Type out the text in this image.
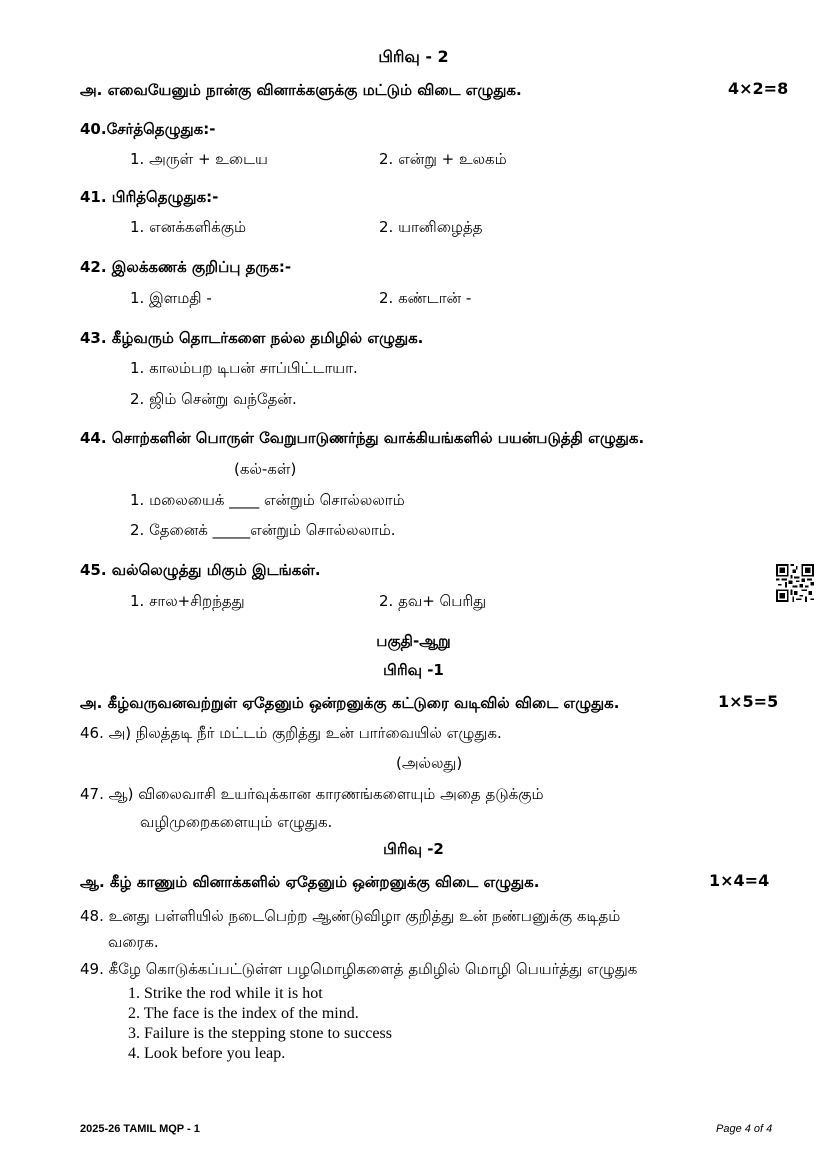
பிரிவு - 2
அ. எவையேனும் நான்கு வினாக்களுக்கு மட்டும் விடை எழுதுக.	4×2=8
40.சேர்த்தெழுதுக:-
1. அருள் + உடைய	2. என்று + உலகம்
41. பிரித்தெழுதுக:-
1. எனக்களிக்கும்	2. யானிழைத்த
42. இலக்கணக் குறிப்பு தருக:-
1. இளமதி -	2. கண்டான் -
43. கீழ்வரும் தொடர்களை நல்ல தமிழில் எழுதுக.
1. காலம்பற டிபன் சாப்பிட்டாயா.
2. ஜிம் சென்று வந்தேன்.
44. சொற்களின் பொருள் வேறுபாடுணர்ந்து வாக்கியங்களில் பயன்படுத்தி எழுதுக.
(கல்-கள்)
1. மலையைக் ____ என்றும் சொல்லலாம்
2. தேனைக் _____என்றும் சொல்லலாம்.
45. வல்லெழுத்து மிகும் இடங்கள்.
1. சால+சிறந்தது	2. தவ+ பெரிது
பகுதி-ஆறு
பிரிவு -1
அ. கீழ்வருவனவற்றுள் ஏதேனும் ஒன்றனுக்கு கட்டுரை வடிவில் விடை எழுதுக.	1×5=5
46. அ) நிலத்தடி நீர் மட்டம் குறித்து உன் பார்வையில் எழுதுக.
(அல்லது)
47. ஆ) விலைவாசி உயர்வுக்கான காரணங்களையும் அதை தடுக்கும்
வழிமுறைகளையும் எழுதுக.
பிரிவு -2
ஆ. கீழ் காணும் வினாக்களில் ஏதேனும் ஒன்றனுக்கு விடை எழுதுக.	1×4=4
48. உனது பள்ளியில் நடைபெற்ற ஆண்டுவிழா குறித்து உன் நண்பனுக்கு கடிதம்
வரைக.
49. கீழே கொடுக்கப்பட்டுள்ள பழமொழிகளைத் தமிழில் மொழி பெயர்த்து எழுதுக
1. Strike the rod while it is hot
2. The face is the index of the mind.
3. Failure is the stepping stone to success
4. Look before you leap.
2025-26 TAMIL MQP - 1	Page 4 of 4
